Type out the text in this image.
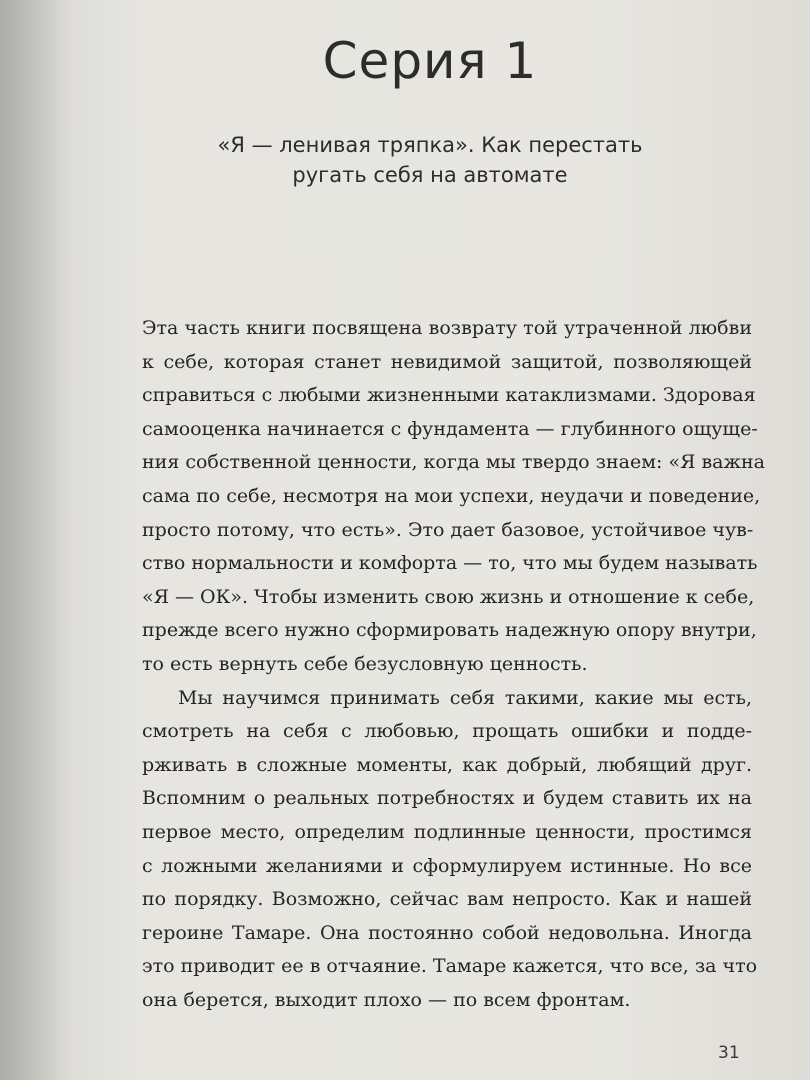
Серия 1
«Я — ленивая тряпка». Как перестать
ругать себя на автомате

Эта часть книги посвящена возврату той утраченной любви
к себе, которая станет невидимой защитой, позволяющей
справиться с любыми жизненными катаклизмами. Здоровая
самооценка начинается с фундамента — глубинного ощуще-
ния собственной ценности, когда мы твердо знаем: «Я важна
сама по себе, несмотря на мои успехи, неудачи и поведение,
просто потому, что есть». Это дает базовое, устойчивое чув-
ство нормальности и комфорта — то, что мы будем называть
«Я — ОК». Чтобы изменить свою жизнь и отношение к себе,
прежде всего нужно сформировать надежную опору внутри,
то есть вернуть себе безусловную ценность.

Мы научимся принимать себя такими, какие мы есть,
смотреть на себя с любовью, прощать ошибки и подде-
рживать в сложные моменты, как добрый, любящий друг.
Вспомним о реальных потребностях и будем ставить их на
первое место, определим подлинные ценности, простимся
с ложными желаниями и сформулируем истинные. Но все
по порядку. Возможно, сейчас вам непросто. Как и нашей
героине Тамаре. Она постоянно собой недовольна. Иногда
это приводит ее в отчаяние. Тамаре кажется, что все, за что
она берется, выходит плохо — по всем фронтам.

31
